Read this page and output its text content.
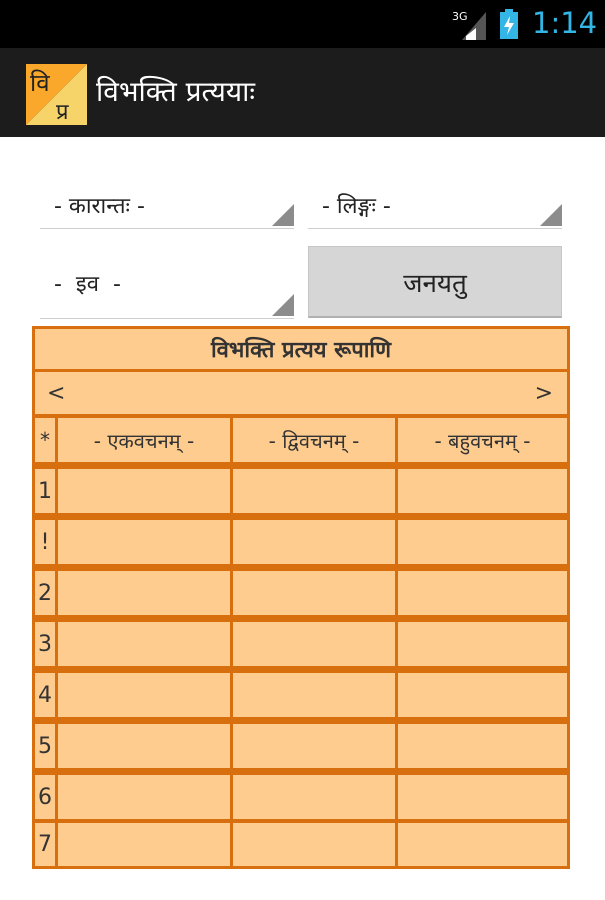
3G 1:14
वि
प्र
विभक्ति प्रत्ययाः
- कारान्तः -	- लिङ्गः -
-  इव  -	जनयतु
विभक्ति प्रत्यय रूपाणि
<	>
*	- एकवचनम् -	- द्विवचनम् -	- बहुवचनम् -
1
!
2
3
4
5
6
7
